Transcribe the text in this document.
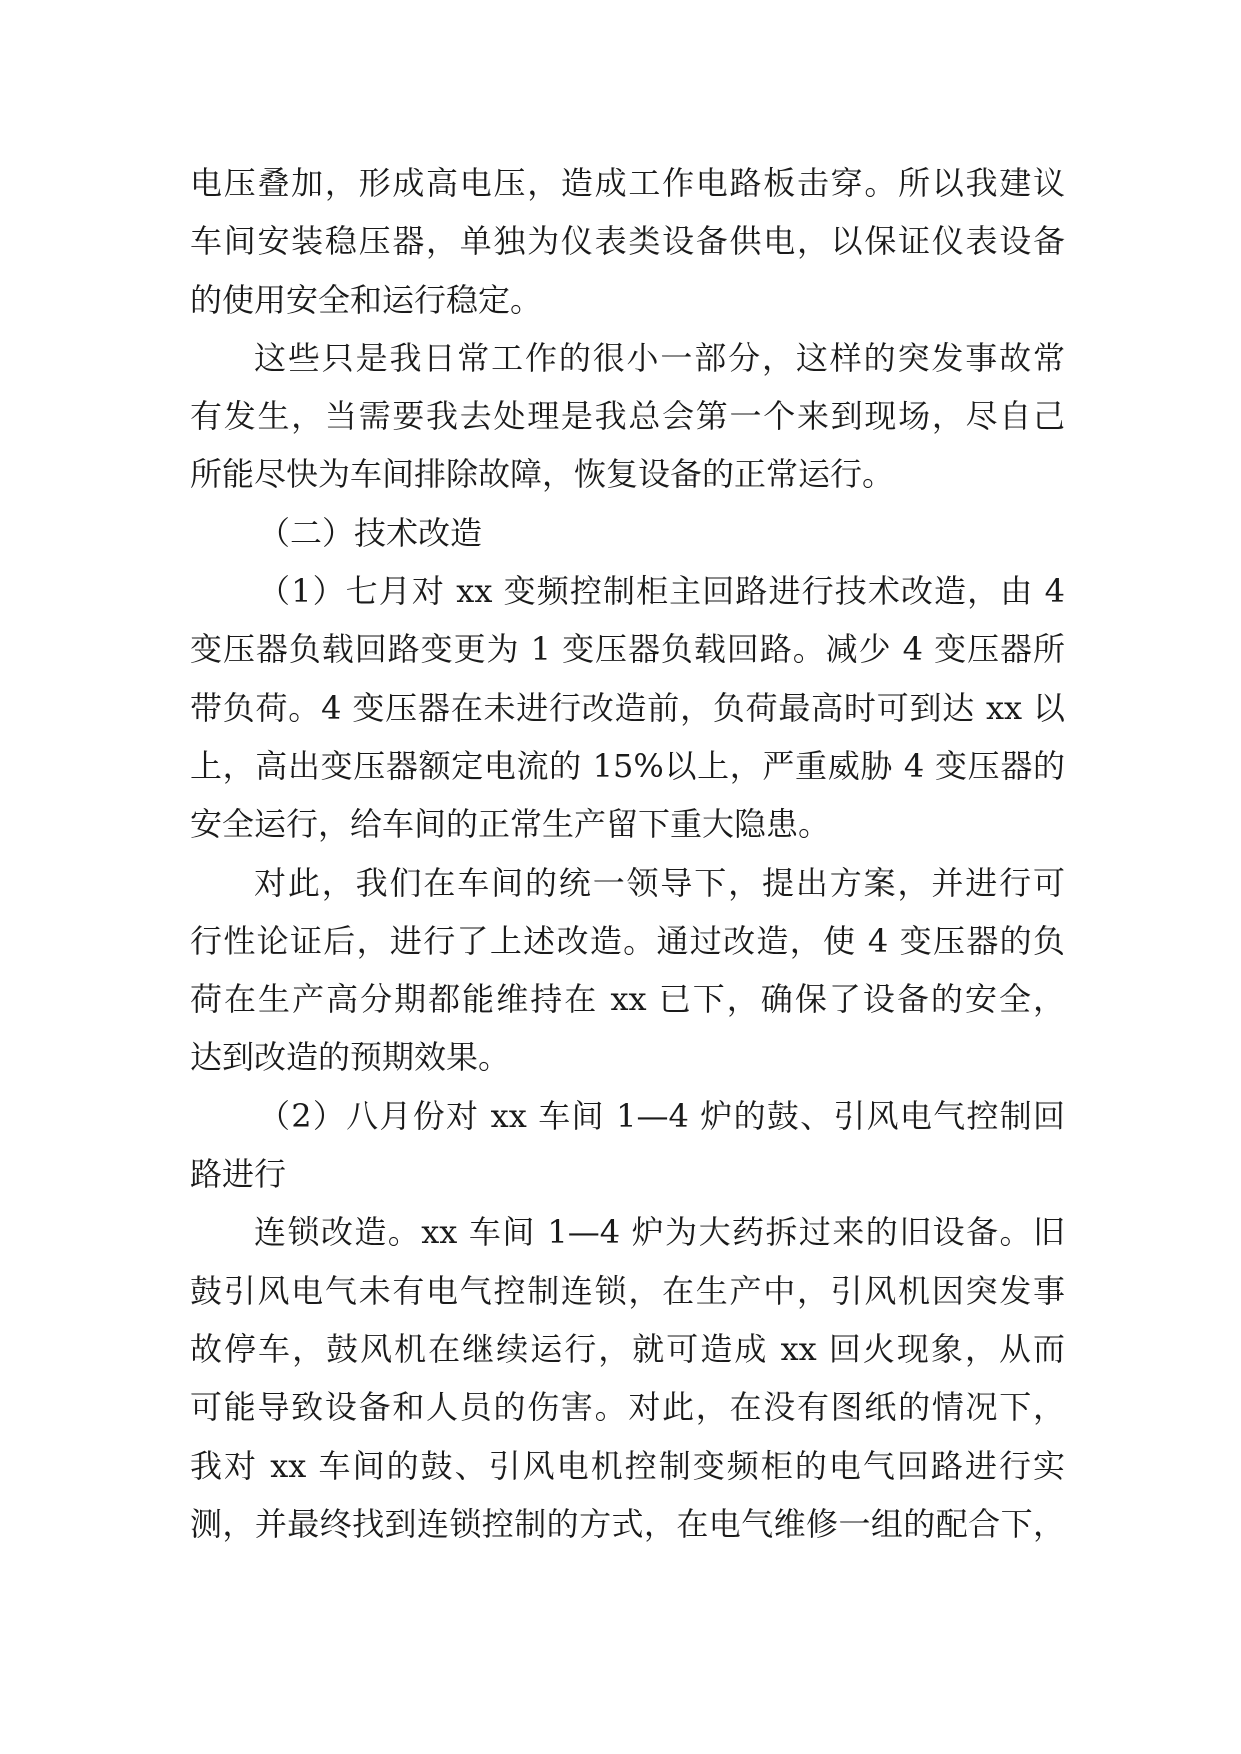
电压叠加，形成高电压，造成工作电路板击穿。所以我建议
车间安装稳压器，单独为仪表类设备供电，以保证仪表设备
的使用安全和运行稳定。
这些只是我日常工作的很小一部分，这样的突发事故常
有发生，当需要我去处理是我总会第一个来到现场，尽自己
所能尽快为车间排除故障，恢复设备的正常运行。
（二）技术改造
（1）七月对 xx 变频控制柜主回路进行技术改造，由 4
变压器负载回路变更为 1 变压器负载回路。减少 4 变压器所
带负荷。4 变压器在未进行改造前，负荷最高时可到达 xx 以
上，高出变压器额定电流的 15%以上，严重威胁 4 变压器的
安全运行，给车间的正常生产留下重大隐患。
对此，我们在车间的统一领导下，提出方案，并进行可
行性论证后，进行了上述改造。通过改造，使 4 变压器的负
荷在生产高分期都能维持在 xx 已下，确保了设备的安全，
达到改造的预期效果。
（2）八月份对 xx 车间 1—4 炉的鼓、引风电气控制回
路进行
连锁改造。xx 车间 1—4 炉为大药拆过来的旧设备。旧
鼓引风电气未有电气控制连锁，在生产中，引风机因突发事
故停车，鼓风机在继续运行，就可造成 xx 回火现象，从而
可能导致设备和人员的伤害。对此，在没有图纸的情况下，
我对 xx 车间的鼓、引风电机控制变频柜的电气回路进行实
测，并最终找到连锁控制的方式，在电气维修一组的配合下，
